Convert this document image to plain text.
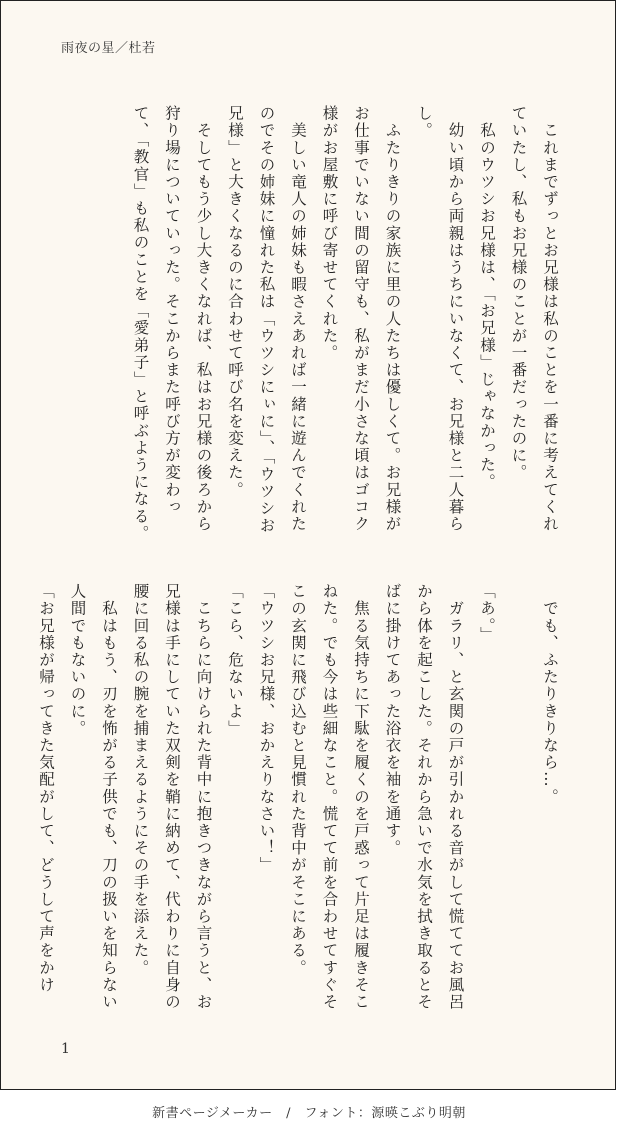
雨夜の星／杜若

　これまでずっとお兄様は私のことを一番に考えてくれていたし、私もお兄様のことが一番だったのに。

　私のウツシお兄様は、「お兄様」じゃなかった。

　幼い頃から両親はうちにいなくて、お兄様と二人暮らし。

　ふたりきりの家族に里の人たちは優しくて。お兄様がお仕事でいない間の留守も、私がまだ小さな頃はゴコク様がお屋敷に呼び寄せてくれた。

　美しい竜人の姉妹も暇さえあれば一緒に遊んでくれたのでその姉妹に憧れた私は「ウツシにぃに」、「ウツシお兄様」と大きくなるのに合わせて呼び名を変えた。

　そしてもう少し大きくなれば、私はお兄様の後ろから狩り場についていった。そこからまた呼び方が変わって、「教官」も私のことを「愛弟子」と呼ぶようになる。

　でも、ふたりきりなら…。

「あ。」

　ガラリ、と玄関の戸が引かれる音がして慌ててお風呂から体を起こした。それから急いで水気を拭き取るとそばに掛けてあった浴衣を袖を通す。

　焦る気持ちに下駄を履くのを戸惑って片足は履きそこねた。でも今は些細なこと。慌てて前を合わせてすぐそこの玄関に飛び込むと見慣れた背中がそこにある。

「ウツシお兄様、おかえりなさい！」

「こら、危ないよ」

　こちらに向けられた背中に抱きつきながら言うと、お兄様は手にしていた双剣を鞘に納めて、代わりに自身の腰に回る私の腕を捕まえるようにその手を添えた。

　私はもう、刃を怖がる子供でも、刀の扱いを知らない人間でもないのに。

「お兄様が帰ってきた気配がして、どうして声をかけ

1
新書ページメーカー　/　フォント：源暎こぶり明朝
